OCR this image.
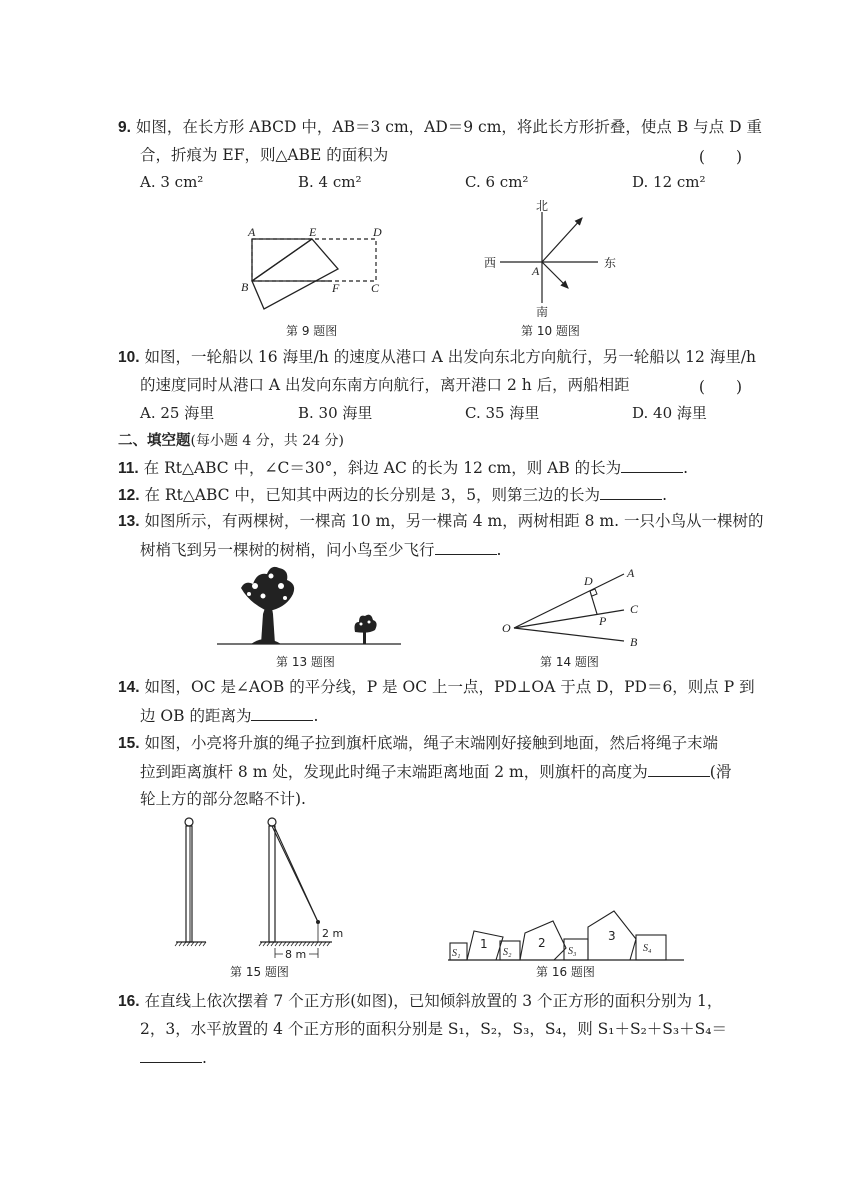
9. 如图，在长方形 ABCD 中，AB＝3 cm，AD＝9 cm，将此长方形折叠，使点 B 与点 D 重
合，折痕为 EF，则△ABE 的面积为	(　　)
A. 3 cm²	B. 4 cm²	C. 6 cm²	D. 12 cm²
A	E	D
B	F	C
第 9 题图
北
南
西	东
A
第 10 题图
10. 如图，一轮船以 16 海里/h 的速度从港口 A 出发向东北方向航行，另一轮船以 12 海里/h
的速度同时从港口 A 出发向东南方向航行，离开港口 2 h 后，两船相距	(　　)
A. 25 海里	B. 30 海里	C. 35 海里	D. 40 海里
二、填空题(每小题 4 分，共 24 分)
11. 在 Rt△ABC 中，∠C＝30°，斜边 AC 的长为 12 cm，则 AB 的长为	.
12. 在 Rt△ABC 中，已知其中两边的长分别是 3，5，则第三边的长为	.
13. 如图所示，有两棵树，一棵高 10 m，另一棵高 4 m，两树相距 8 m. 一只小鸟从一棵树的
树梢飞到另一棵树的树梢，问小鸟至少飞行	.
第 13 题图
D
A
C
P
O
B
第 14 题图
14. 如图，OC 是∠AOB 的平分线，P 是 OC 上一点，PD⊥OA 于点 D，PD＝6，则点 P 到
边 OB 的距离为	.
15. 如图，小亮将升旗的绳子拉到旗杆底端，绳子末端刚好接触到地面，然后将绳子末端
拉到距离旗杆 8 m 处，发现此时绳子末端距离地面 2 m，则旗杆的高度为	(滑
轮上方的部分忽略不计).
8 m
2 m
第 15 题图
1	2	3
S₁	S₂	S₃	S₄
第 16 题图
16. 在直线上依次摆着 7 个正方形(如图)，已知倾斜放置的 3 个正方形的面积分别为 1，
2，3，水平放置的 4 个正方形的面积分别是 S₁，S₂，S₃，S₄，则 S₁＋S₂＋S₃＋S₄＝
.
